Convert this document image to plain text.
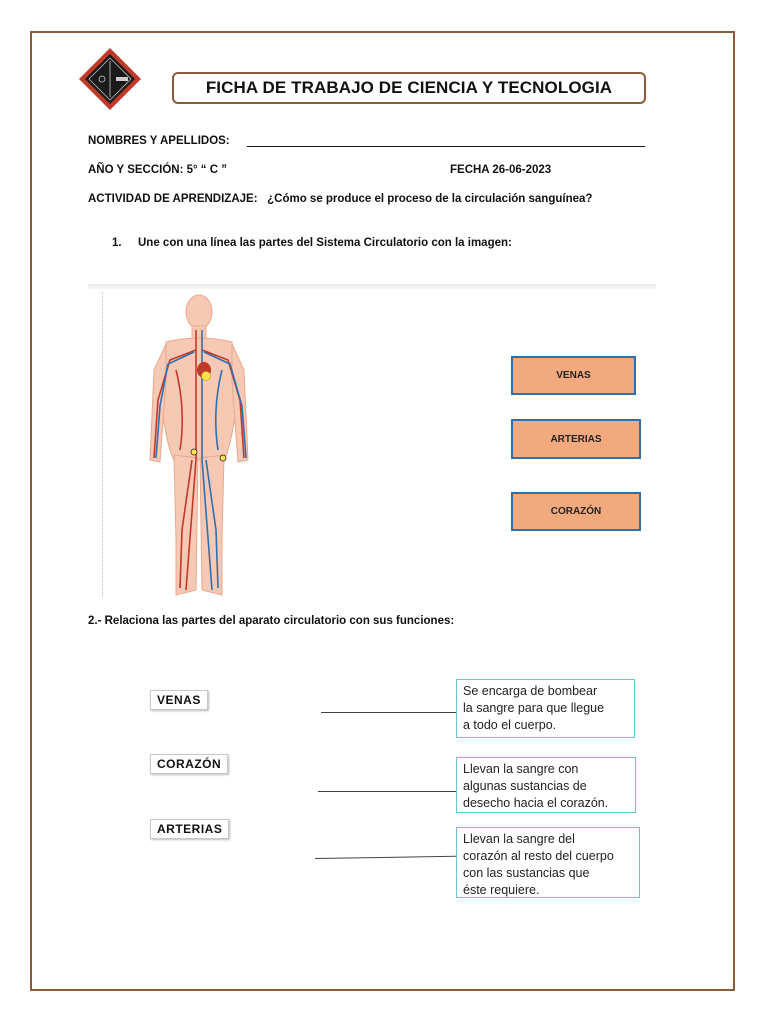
FICHA DE TRABAJO DE CIENCIA Y TECNOLOGIA
NOMBRES Y APELLIDOS:
AÑO Y SECCIÓN: 5° “ C ”	FECHA 26-06-2023
ACTIVIDAD DE APRENDIZAJE: ¿Cómo se produce el proceso de la circulación sanguínea?
1. Une con una línea las partes del Sistema Circulatorio con la imagen:
VENAS
ARTERIAS
CORAZÓN
2.- Relaciona las partes del aparato circulatorio con sus funciones:
VENAS
CORAZÓN
ARTERIAS
Se encarga de bombear
la sangre para que llegue
a todo el cuerpo.
Llevan la sangre con
algunas sustancias de
desecho hacia el corazón.
Llevan la sangre del
corazón al resto del cuerpo
con las sustancias que
éste requiere.
